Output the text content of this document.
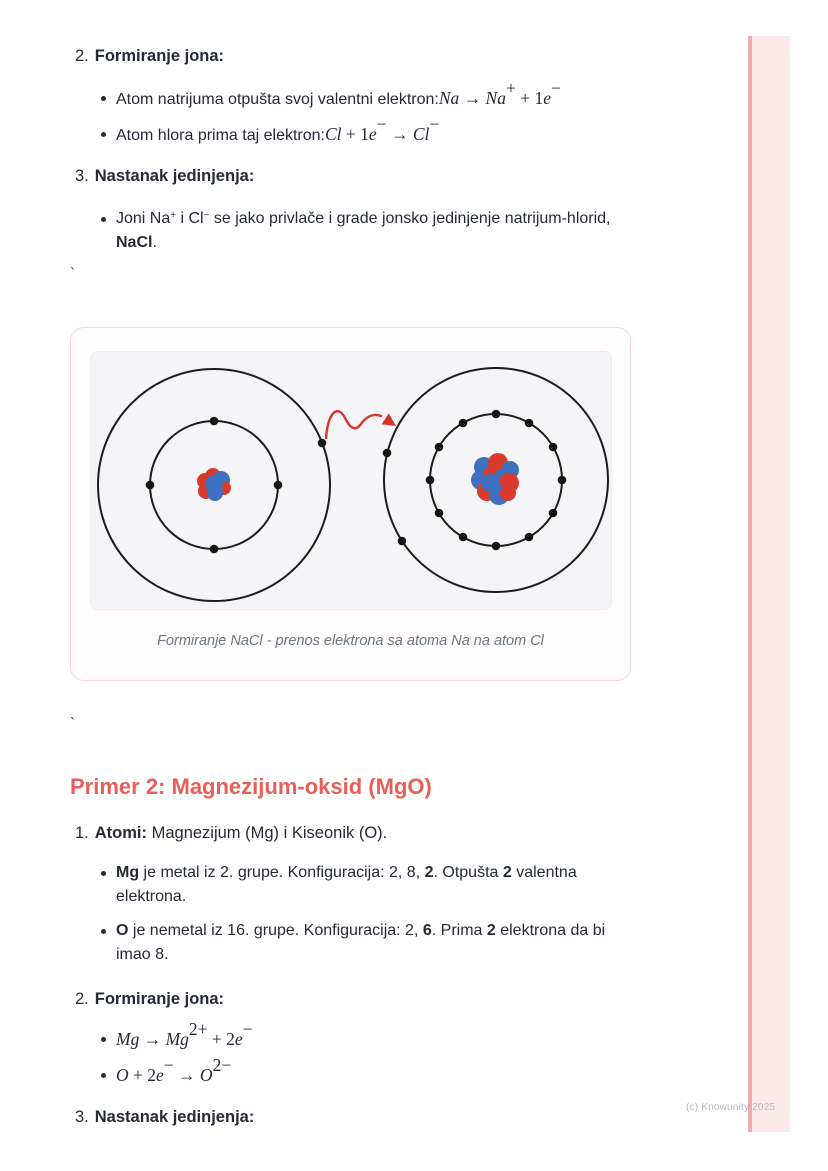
(c) Knowunity 2025
2. Formiranje jona:
Atom natrijuma otpušta svoj valentni elektron:Na → Na+ + 1e−
Atom hlora prima taj elektron:Cl + 1e− → Cl−
3. Nastanak jedinjenja:
Joni Na+ i Cl− se jako privlače i grade jonsko jedinjenje natrijum-hlorid,
NaCl.
`
Formiranje NaCl - prenos elektrona sa atoma Na na atom Cl
`
Primer 2: Magnezijum-oksid (MgO)
1. Atomi: Magnezijum (Mg) i Kiseonik (O).
Mg je metal iz 2. grupe. Konfiguracija: 2, 8, 2. Otpušta 2 valentna
elektrona.
O je nemetal iz 16. grupe. Konfiguracija: 2, 6. Prima 2 elektrona da bi
imao 8.
2. Formiranje jona:
$Mg \to Mg^{2+} + 2e^-$
$O + 2e^- \to O^{2-}$
3. Nastanak jedinjenja:
